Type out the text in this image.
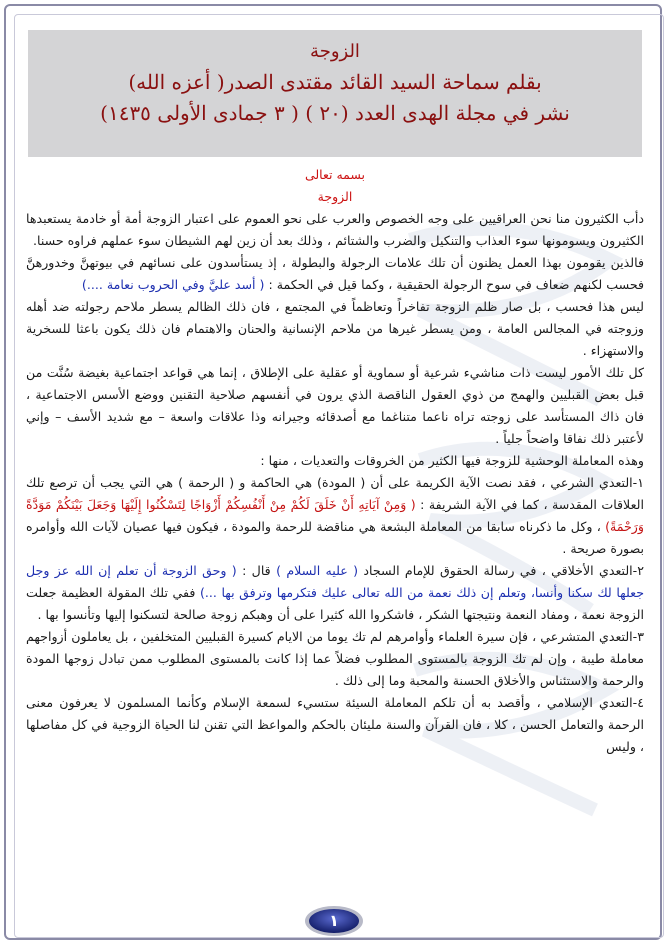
الزوجة
بقلم سماحة السيد القائد مقتدى الصدر( أعزه الله)
نشر في مجلة الهدى العدد (٢٠ ) ( ٣ جمادى الأولى ١٤٣٥)
بسمه تعالى
الزوجة

دأب الكثيرون منا نحن العراقيين على وجه الخصوص والعرب على نحو العموم على اعتبار الزوجة أمة أو خادمة يستعبدها الكثيرون ويسومونها سوء العذاب والتنكيل والضرب والشتائم ، وذلك بعد أن زين لهم الشيطان سوء عملهم فراوه حسنا.

فالذين يقومون بهذا العمل يظنون أن تلك علامات الرجولة والبطولة ، إذ يستأسدون على نسائهم في بيوتهنَّ وخدورهنَّ فحسب لكنهم ضعاف في سوح الرجولة الحقيقية ، وكما قيل في الحكمة : ( أسد عليَّ وفي الحروب نعامة ....)

ليس هذا فحسب ، بل صار ظلم الزوجة تفاخراً وتعاظماً في المجتمع ، فان ذلك الظالم يسطر ملاحم رجولته ضد أهله وزوجته في المجالس العامة ، ومن يسطر غيرها من ملاحم الإنسانية والحنان والاهتمام فان ذلك يكون باعثا للسخرية والاستهزاء .

كل تلك الأمور ليست ذات مناشيء شرعية أو سماوية أو عقلية على الإطلاق ، إنما هي قواعد اجتماعية بغيضة سُنَّت من قبل بعض القبليين والهمج من ذوي العقول الناقصة الذي يرون في أنفسهم صلاحية التقنين ووضع الأسس الاجتماعية ، فان ذاك المستأسد على زوجته تراه ناعما متناغما مع أصدقائه وجيرانه وذا علاقات واسعة – مع شديد الأسف – وإني لأعتبر ذلك نفاقا واضحاً جلياً .

وهذه المعاملة الوحشية للزوجة فيها الكثير من الخروقات والتعديات ، منها :

١-التعدي الشرعي ، فقد نصت الآية الكريمة على أن ( المودة) هي الحاكمة و ( الرحمة ) هي التي يجب أن ترصع تلك العلاقات المقدسة ، كما في الآية الشريفة : ( وَمِنْ آيَاتِهِ أَنْ خَلَقَ لَكُمْ مِنْ أَنْفُسِكُمْ أَزْوَاجًا لِتَسْكُنُوا إِلَيْهَا وَجَعَلَ بَيْنَكُمْ مَوَدَّةً وَرَحْمَةً) ، وكل ما ذكرناه سابقا من المعاملة البشعة هي مناقضة للرحمة والمودة ، فيكون فيها عصيان لآيات الله وأوامره بصورة صريحة .

٢-التعدي الأخلاقي ، في رسالة الحقوق للإمام السجاد ( عليه السلام ) قال : ( وحق الزوجة أن تعلم إن الله عز وجل جعلها لك سكنا وأنسا، وتعلم إن ذلك نعمة من الله تعالى عليك فتكرمها وترفق بها ...) ففي تلك المقولة العظيمة جعلت الزوجة نعمة ، ومفاد النعمة ونتيجتها الشكر ، فاشكروا الله كثيرا على أن وهبكم زوجة صالحة لتسكنوا إليها وتأنسوا بها .

٣-التعدي المتشرعي ، فإن سيرة العلماء وأوامرهم لم تك يوما من الايام كسيرة القبليين المتخلفين ، بل يعاملون أزواجهم معاملة طيبة ، وإن لم تك الزوجة بالمستوى المطلوب فضلاً عما إذا كانت بالمستوى المطلوب ممن تبادل زوجها المودة والرحمة والاستئناس والأخلاق الحسنة والمحبة وما إلى ذلك .

٤-التعدي الإسلامي ، وأقصد به أن تلكم المعاملة السيئة ستسيء لسمعة الإسلام وكأنما المسلمون لا يعرفون معنى الرحمة والتعامل الحسن ، كلا ، فان القرآن والسنة مليئان بالحكم والمواعظ التي تقنن لنا الحياة الزوجية في كل مفاصلها ، وليس

١
